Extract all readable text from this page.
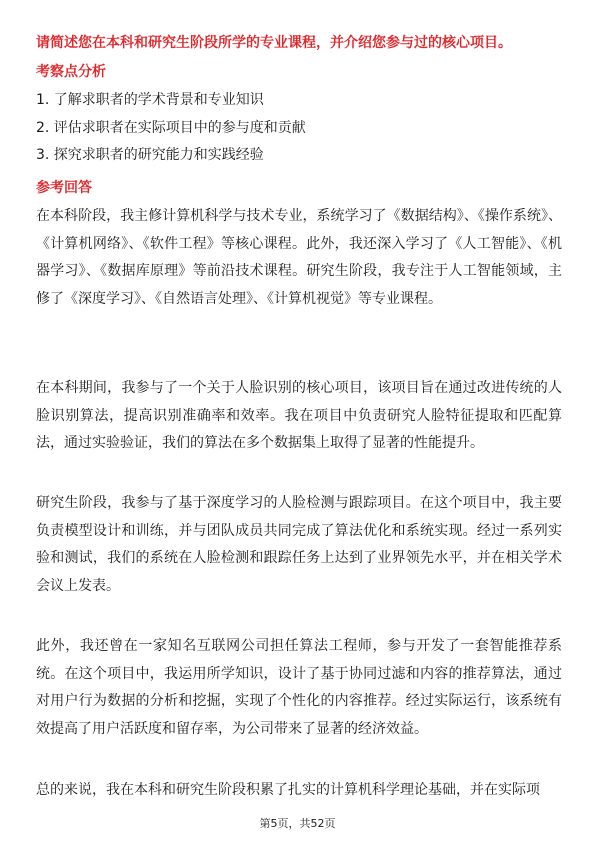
请简述您在本科和研究生阶段所学的专业课程，并介绍您参与过的核心项目。
考察点分析
1. 了解求职者的学术背景和专业知识
2. 评估求职者在实际项目中的参与度和贡献
3. 探究求职者的研究能力和实践经验
参考回答

在本科阶段，我主修计算机科学与技术专业，系统学习了《数据结构》、《操作系统》、《计算机网络》、《软件工程》等核心课程。此外，我还深入学习了《人工智能》、《机器学习》、《数据库原理》等前沿技术课程。研究生阶段，我专注于人工智能领域，主修了《深度学习》、《自然语言处理》、《计算机视觉》等专业课程。

在本科期间，我参与了一个关于人脸识别的核心项目，该项目旨在通过改进传统的人脸识别算法，提高识别准确率和效率。我在项目中负责研究人脸特征提取和匹配算法，通过实验验证，我们的算法在多个数据集上取得了显著的性能提升。

研究生阶段，我参与了基于深度学习的人脸检测与跟踪项目。在这个项目中，我主要负责模型设计和训练，并与团队成员共同完成了算法优化和系统实现。经过一系列实验和测试，我们的系统在人脸检测和跟踪任务上达到了业界领先水平，并在相关学术会议上发表。

此外，我还曾在一家知名互联网公司担任算法工程师，参与开发了一套智能推荐系统。在这个项目中，我运用所学知识，设计了基于协同过滤和内容的推荐算法，通过对用户行为数据的分析和挖掘，实现了个性化的内容推荐。经过实际运行，该系统有效提高了用户活跃度和留存率，为公司带来了显著的经济效益。

总的来说，我在本科和研究生阶段积累了扎实的计算机科学理论基础，并在实际项

第5页，共52页
